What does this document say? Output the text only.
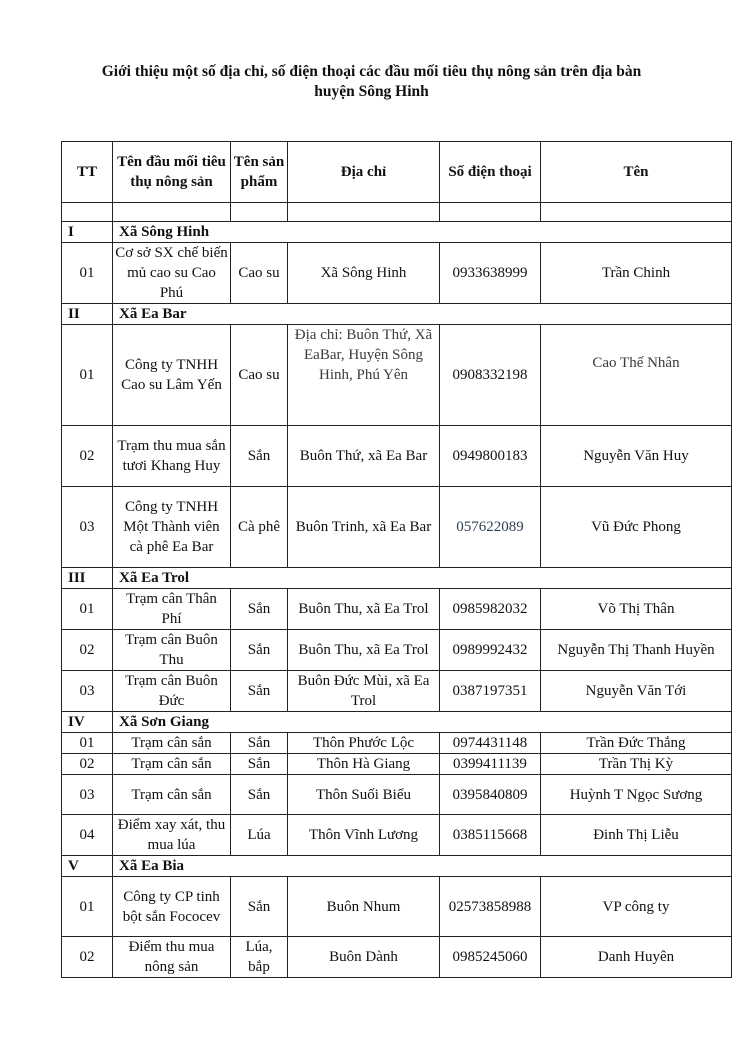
Giới thiệu một số địa chỉ, số điện thoại các đầu mối tiêu thụ nông sản trên địa bàn
huyện Sông Hinh
TT	Tên đầu mối tiêu thụ nông sản	Tên sản phẩm	Địa chỉ	Số điện thoại	Tên

I	Xã Sông Hinh				
01	Cơ sở SX chế biến mủ cao su Cao Phú	Cao su	Xã Sông Hinh	0933638999	Trần Chinh
II	Xã Ea Bar				
01	Công ty TNHH Cao su Lâm Yến	Cao su	Địa chỉ: Buôn Thứ, Xã EaBar, Huyện Sông Hinh, Phú Yên	0908332198	Cao Thế Nhân
02	Trạm thu mua sắn tươi Khang Huy	Sắn	Buôn Thứ, xã Ea Bar	0949800183	Nguyễn Văn Huy
03	Công ty TNHH Một Thành viên cà phê Ea Bar	Cà phê	Buôn Trinh, xã Ea Bar	057622089	Vũ Đức Phong
III	Xã Ea Trol				
01	Trạm cân Thân Phí	Sắn	Buôn Thu, xã Ea Trol	0985982032	Võ Thị Thân
02	Trạm cân Buôn Thu	Sắn	Buôn Thu, xã Ea Trol	0989992432	Nguyễn Thị Thanh Huyền
03	Trạm cân Buôn Đức	Sắn	Buôn Đức Mùi, xã Ea Trol	0387197351	Nguyễn Văn Tới
IV	Xã Sơn Giang				
01	Trạm cân sắn	Sắn	Thôn Phước Lộc	0974431148	Trần Đức Thắng
02	Trạm cân sắn	Sắn	Thôn Hà Giang	0399411139	Trần Thị Kỳ
03	Trạm cân sắn	Sắn	Thôn Suối Biểu	0395840809	Huỳnh T Ngọc Sương
04	Điểm xay xát, thu mua lúa	Lúa	Thôn Vĩnh Lương	0385115668	Đinh Thị Liễu
V	Xã Ea Bia				
01	Công ty CP tinh bột sắn Fococev	Sắn	Buôn Nhum	02573858988	VP công ty
02	Điểm thu mua nông sản	Lúa, bắp	Buôn Dành	0985245060	Danh Huyên
